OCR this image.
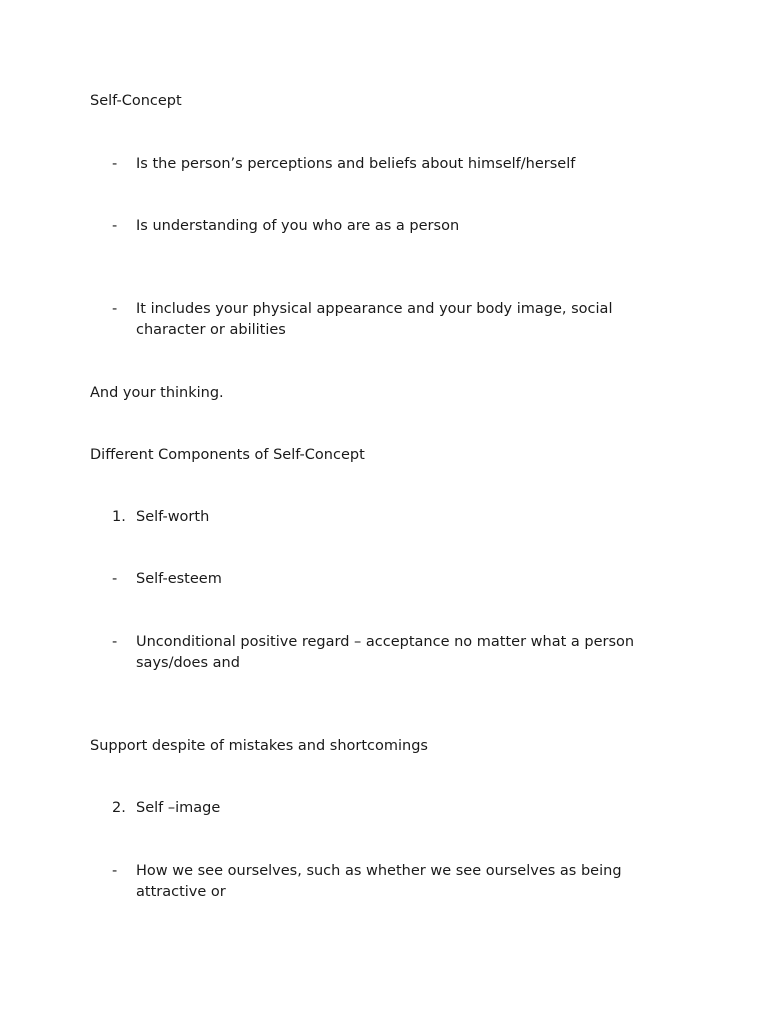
Self-Concept
-	Is the person’s perceptions and beliefs about himself/herself
-	Is understanding of you who are as a person
-	It includes your physical appearance and your body image, social character or abilities
And your thinking.
Different Components of Self-Concept
1. Self-worth
-	Self-esteem
-	Unconditional positive regard – acceptance no matter what a person says/does and
Support despite of mistakes and shortcomings
2. Self –image
-	How we see ourselves, such as whether we see ourselves as being attractive or
